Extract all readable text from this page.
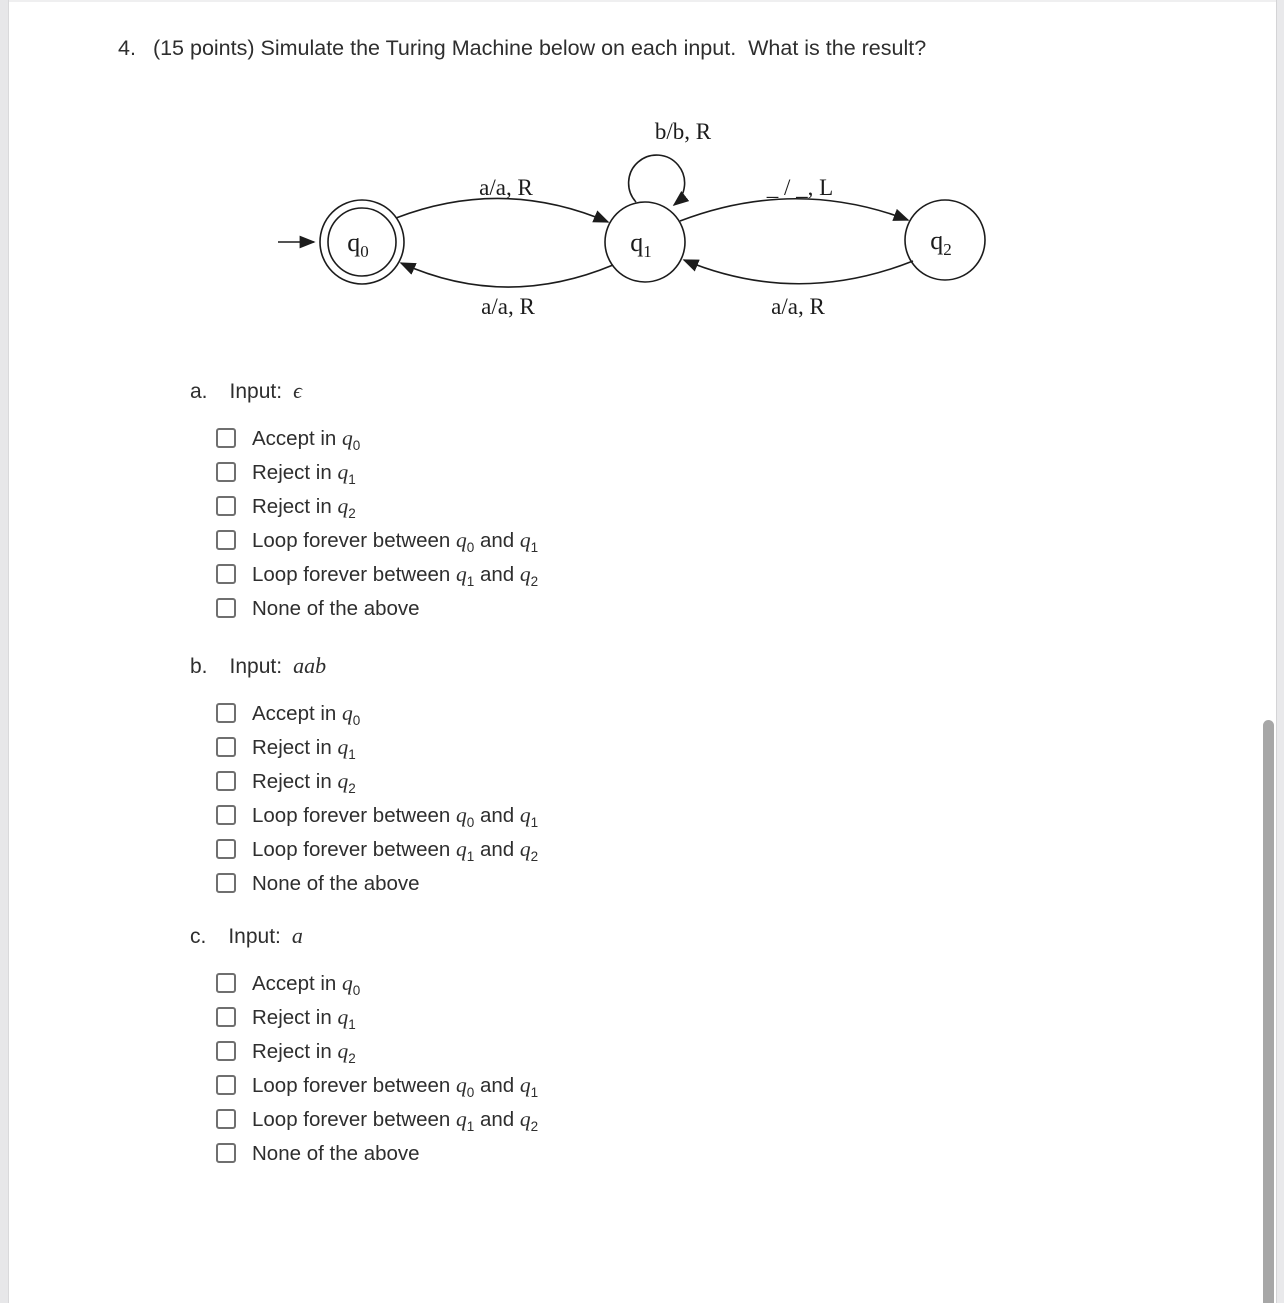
4. (15 points) Simulate the Turing Machine below on each input.  What is the result?
a/a, R
b/b, R
_ / _, L
a/a, R	a/a, R
$q_0$	$q_1$	$q_2$
a. Input: ϵ
Accept in $q_0$
Reject in $q_1$
Reject in $q_2$
Loop forever between $q_0$ and $q_1$
Loop forever between $q_1$ and $q_2$
None of the above
b. Input: aab
Accept in $q_0$
Reject in $q_1$
Reject in $q_2$
Loop forever between $q_0$ and $q_1$
Loop forever between $q_1$ and $q_2$
None of the above
c. Input: a
Accept in $q_0$
Reject in $q_1$
Reject in $q_2$
Loop forever between $q_0$ and $q_1$
Loop forever between $q_1$ and $q_2$
None of the above
